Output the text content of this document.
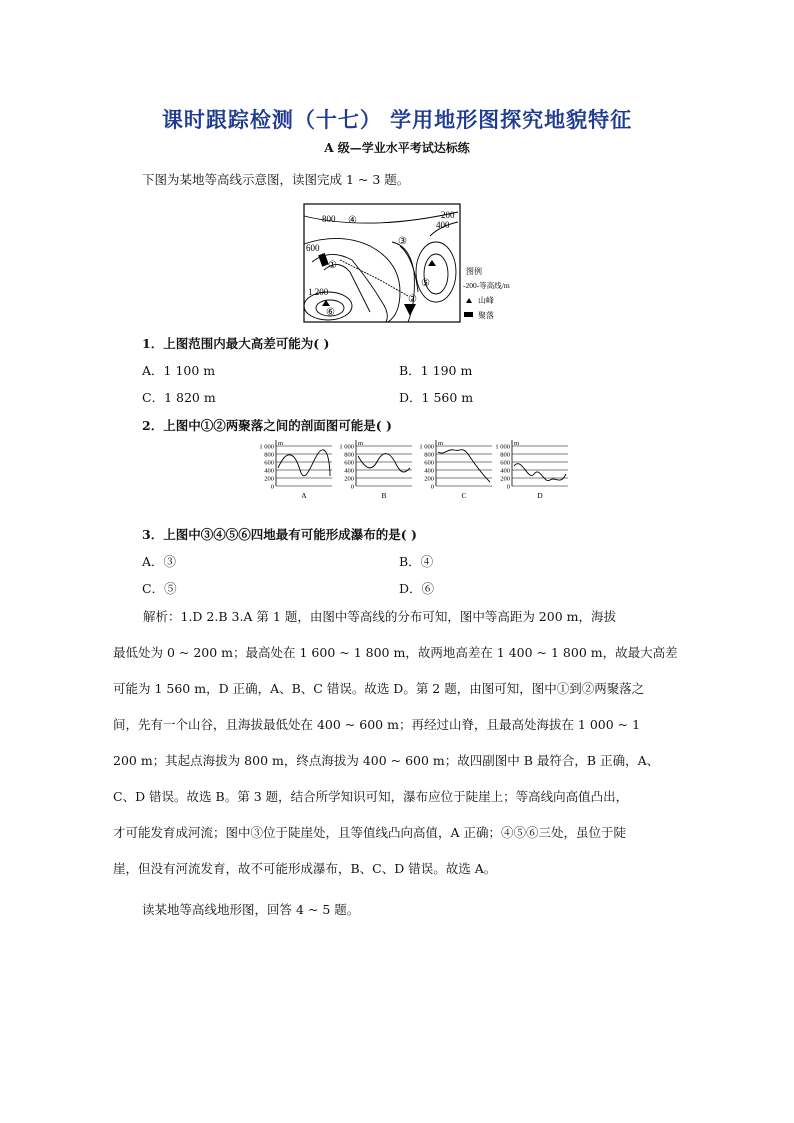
课时跟踪检测（十七） 学用地形图探究地貌特征
A 级—学业水平考试达标练
下图为某地等高线示意图，读图完成 1 ~ 3 题。
800
600
200
400
1 200
④
③
⑤
⑥
①
②
图例
-200-等高线/m
山峰
聚落
1．上图范围内最大高差可能为( )
A．1 100 m	B．1 190 m
C．1 820 m	D．1 560 m
2．上图中①②两聚落之间的剖面图可能是( )
1 000
800
600
400
200
0
m
A
1 000
800
600
400
200
0
m
B
1 000
800
600
400
200
0
m
C
1 000
800
600
400
200
0
m
D
3．上图中③④⑤⑥四地最有可能形成瀑布的是( )
A．③	B．④
C．⑤	D．⑥

解析：1.D 2.B 3.A 第 1 题，由图中等高线的分布可知，图中等高距为 200 m，海拔

最低处为 0 ~ 200 m；最高处在 1 600 ~ 1 800 m，故两地高差在 1 400 ~ 1 800 m，故最大高差

可能为 1 560 m，D 正确，A、B、C 错误。故选 D。第 2 题，由图可知，图中①到②两聚落之

间，先有一个山谷，且海拔最低处在 400 ~ 600 m；再经过山脊，且最高处海拔在 1 000 ~ 1

200 m；其起点海拔为 800 m，终点海拔为 400 ~ 600 m；故四副图中 B 最符合，B 正确，A、

C、D 错误。故选 B。第 3 题，结合所学知识可知，瀑布应位于陡崖上；等高线向高值凸出，

才可能发育成河流；图中③位于陡崖处，且等值线凸向高值，A 正确；④⑤⑥三处，虽位于陡

崖，但没有河流发育，故不可能形成瀑布，B、C、D 错误。故选 A。

读某地等高线地形图，回答 4 ~ 5 题。
